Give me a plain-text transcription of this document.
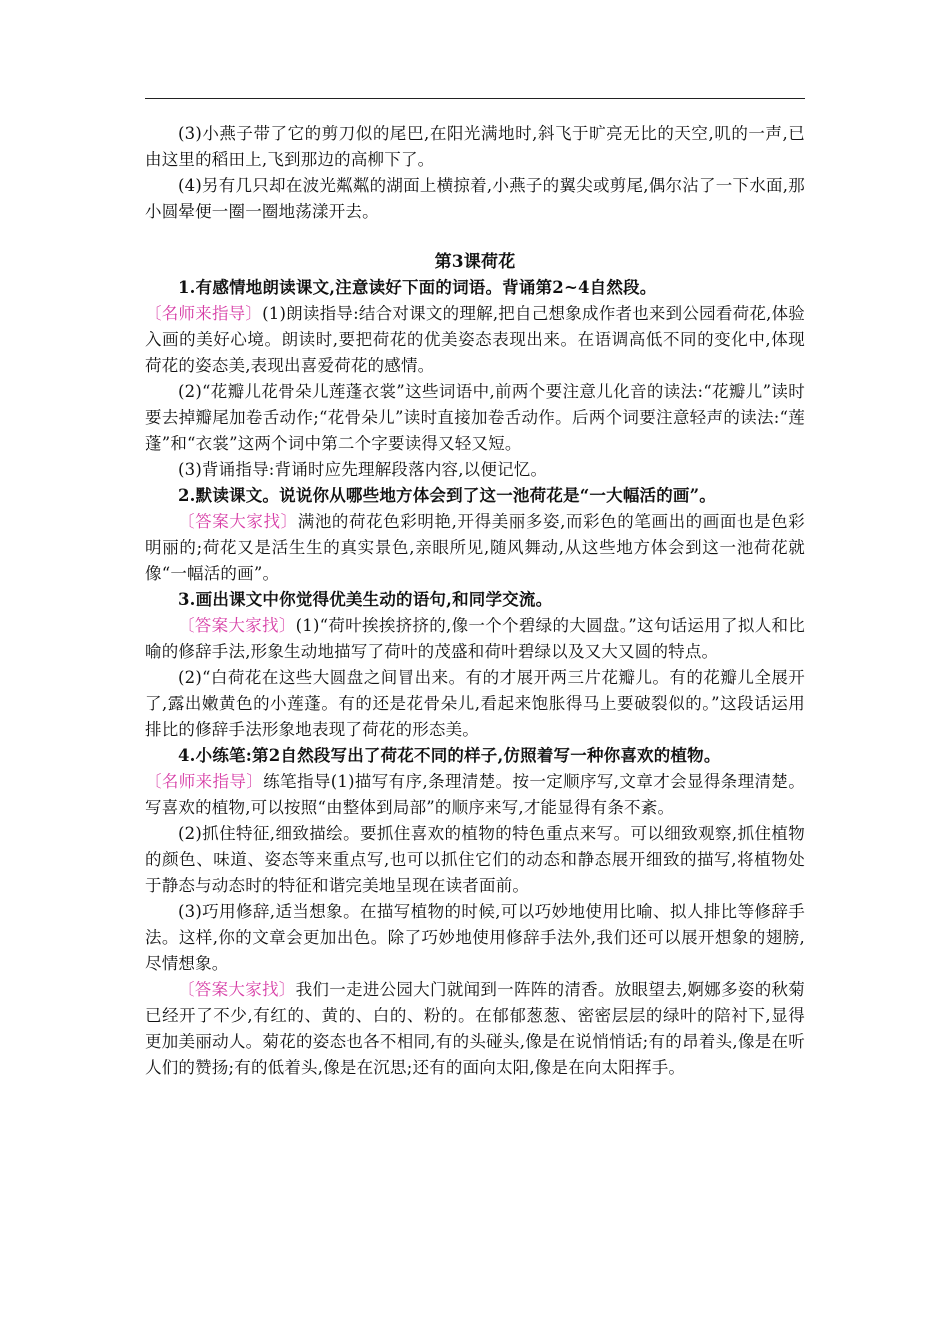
(3)小燕子带了它的剪刀似的尾巴,在阳光满地时,斜飞于旷亮无比的天空,叽的一声,已由这里的稻田上,飞到那边的高柳下了。

(4)另有几只却在波光粼粼的湖面上横掠着,小燕子的翼尖或剪尾,偶尔沾了一下水面,那小圆晕便一圈一圈地荡漾开去。

第3课荷花

1.有感情地朗读课文,注意读好下面的词语。背诵第2~4自然段。

〔名师来指导〕(1)朗读指导:结合对课文的理解,把自己想象成作者也来到公园看荷花,体验入画的美好心境。朗读时,要把荷花的优美姿态表现出来。在语调高低不同的变化中,体现荷花的姿态美,表现出喜爱荷花的感情。

(2)“花瓣儿花骨朵儿莲蓬衣裳”这些词语中,前两个要注意儿化音的读法:“花瓣儿”读时要去掉瓣尾加卷舌动作;“花骨朵儿”读时直接加卷舌动作。后两个词要注意轻声的读法:“莲蓬”和“衣裳”这两个词中第二个字要读得又轻又短。

(3)背诵指导:背诵时应先理解段落内容,以便记忆。

2.默读课文。说说你从哪些地方体会到了这一池荷花是“一大幅活的画”。

〔答案大家找〕满池的荷花色彩明艳,开得美丽多姿,而彩色的笔画出的画面也是色彩明丽的;荷花又是活生生的真实景色,亲眼所见,随风舞动,从这些地方体会到这一池荷花就像“一幅活的画”。

3.画出课文中你觉得优美生动的语句,和同学交流。

〔答案大家找〕(1)“荷叶挨挨挤挤的,像一个个碧绿的大圆盘。”这句话运用了拟人和比喻的修辞手法,形象生动地描写了荷叶的茂盛和荷叶碧绿以及又大又圆的特点。

(2)“白荷花在这些大圆盘之间冒出来。有的才展开两三片花瓣儿。有的花瓣儿全展开了,露出嫩黄色的小莲蓬。有的还是花骨朵儿,看起来饱胀得马上要破裂似的。”这段话运用排比的修辞手法形象地表现了荷花的形态美。

4.小练笔:第2自然段写出了荷花不同的样子,仿照着写一种你喜欢的植物。

〔名师来指导〕练笔指导(1)描写有序,条理清楚。按一定顺序写,文章才会显得条理清楚。写喜欢的植物,可以按照“由整体到局部”的顺序来写,才能显得有条不紊。

(2)抓住特征,细致描绘。要抓住喜欢的植物的特色重点来写。可以细致观察,抓住植物的颜色、味道、姿态等来重点写,也可以抓住它们的动态和静态展开细致的描写,将植物处于静态与动态时的特征和谐完美地呈现在读者面前。

(3)巧用修辞,适当想象。在描写植物的时候,可以巧妙地使用比喻、拟人排比等修辞手法。这样,你的文章会更加出色。除了巧妙地使用修辞手法外,我们还可以展开想象的翅膀,尽情想象。

〔答案大家找〕我们一走进公园大门就闻到一阵阵的清香。放眼望去,婀娜多姿的秋菊已经开了不少,有红的、黄的、白的、粉的。在郁郁葱葱、密密层层的绿叶的陪衬下,显得更加美丽动人。菊花的姿态也各不相同,有的头碰头,像是在说悄悄话;有的昂着头,像是在听人们的赞扬;有的低着头,像是在沉思;还有的面向太阳,像是在向太阳挥手。
